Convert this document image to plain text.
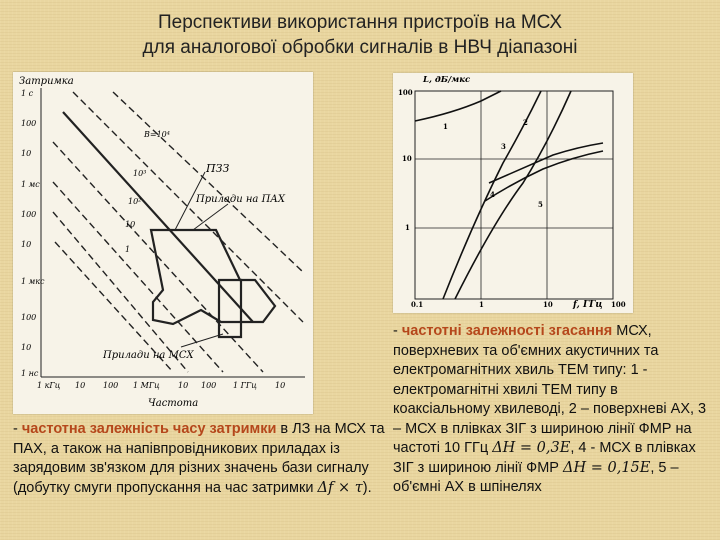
Перспективи використання пристроїв на МСХ
для аналогової обробки сигналів в НВЧ діапазоні
Затримка
1 с
100
10
1 мс
100
10
1 мкс
100
10
1 нс
1 кГц 10 100 1 МГц 10 100 1 ГГц 10
Частота
B=10⁴
10³
10²
10
1
ПЗЗ
Прилади на ПАХ
Прилади на МСХ
L, дБ/мкс
100
10
1
0.1	1	10	100
f, ГГц
1	2
3
4
5
- частотна залежність часу затримки в ЛЗ на МСХ та ПАХ, а також на напівпровідникових приладах із зарядовим зв'язком для різних значень бази сигналу (добутку смуги пропускання на час затримки Δf × τ).
- частотні залежності згасання МСХ, поверхневих та об'ємних акустичних та електромагнітних хвиль ТЕМ типу: 1 - електромагнітні хвилі ТЕМ типу в коаксіальному хвилеводі, 2 – поверхневі АХ, 3 – МСХ в плівках ЗІГ з шириною лінії ФМР на частоті 10 ГГц ΔH = 0,3E, 4 - МСХ в плівках ЗІГ з шириною лінії ФМР ΔH = 0,15E, 5 – об'ємні АХ в шпінелях
